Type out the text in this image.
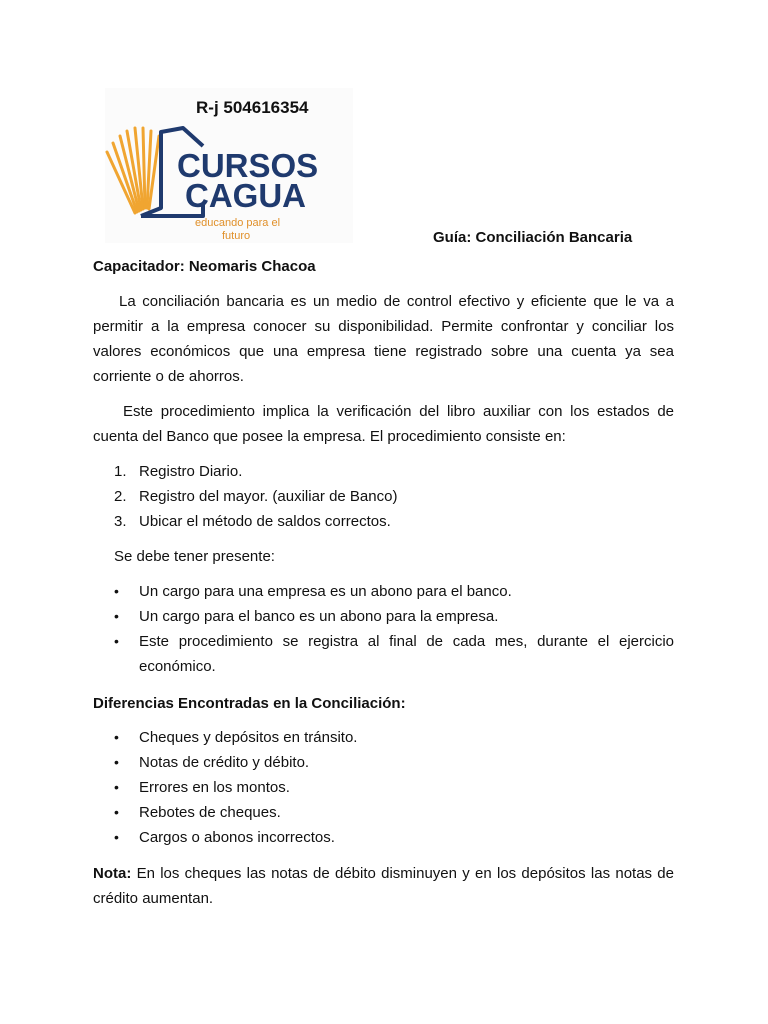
R-j 504616354
CURSOS
CAGUA
educando para el
futuro	Guía: Conciliación Bancaria
Capacitador: Neomaris Chacoa

La conciliación bancaria es un medio de control efectivo y eficiente que le va a permitir a la empresa conocer su disponibilidad. Permite confrontar y conciliar los valores económicos que una empresa tiene registrado sobre una cuenta ya sea corriente o de ahorros.

Este procedimiento implica la verificación del libro auxiliar con los estados de cuenta del Banco que posee la empresa. El procedimiento consiste en:

1. Registro Diario.
2. Registro del mayor. (auxiliar de Banco)
3. Ubicar el método de saldos correctos.

Se debe tener presente:

• Un cargo para una empresa es un abono para el banco.
• Un cargo para el banco es un abono para la empresa.
• Este procedimiento se registra al final de cada mes, durante el ejercicio económico.

Diferencias Encontradas en la Conciliación:

• Cheques y depósitos en tránsito.
• Notas de crédito y débito.
• Errores en los montos.
• Rebotes de cheques.
• Cargos o abonos incorrectos.

Nota: En los cheques las notas de débito disminuyen y en los depósitos las notas de crédito aumentan.
